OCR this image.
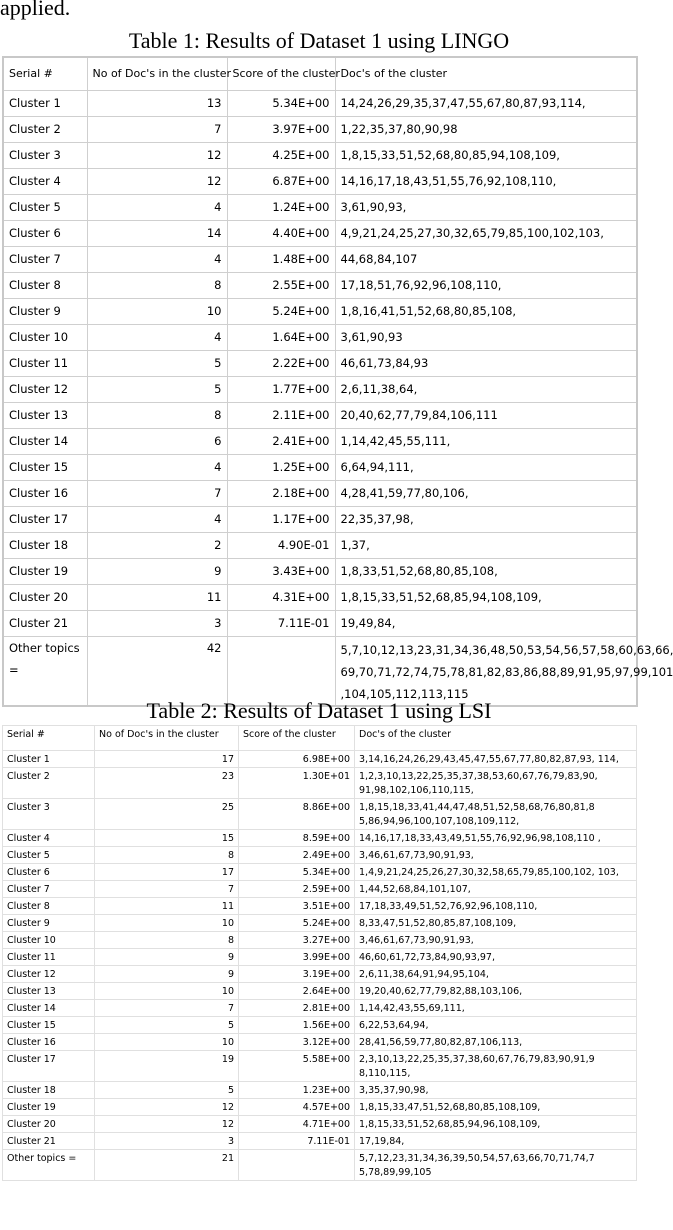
applied.
Table 1: Results of Dataset 1 using LINGO
Serial #	No of Doc's in the cluster	Score of the cluster	Doc's of the cluster
Cluster 1	13	5.34E+00	14,24,26,29,35,37,47,55,67,80,87,93,114,
Cluster 2	7	3.97E+00	1,22,35,37,80,90,98
Cluster 3	12	4.25E+00	1,8,15,33,51,52,68,80,85,94,108,109,
Cluster 4	12	6.87E+00	14,16,17,18,43,51,55,76,92,108,110,
Cluster 5	4	1.24E+00	3,61,90,93,
Cluster 6	14	4.40E+00	4,9,21,24,25,27,30,32,65,79,85,100,102,103,
Cluster 7	4	1.48E+00	44,68,84,107
Cluster 8	8	2.55E+00	17,18,51,76,92,96,108,110,
Cluster 9	10	5.24E+00	1,8,16,41,51,52,68,80,85,108,
Cluster 10	4	1.64E+00	3,61,90,93
Cluster 11	5	2.22E+00	46,61,73,84,93
Cluster 12	5	1.77E+00	2,6,11,38,64,
Cluster 13	8	2.11E+00	20,40,62,77,79,84,106,111
Cluster 14	6	2.41E+00	1,14,42,45,55,111,
Cluster 15	4	1.25E+00	6,64,94,111,
Cluster 16	7	2.18E+00	4,28,41,59,77,80,106,
Cluster 17	4	1.17E+00	22,35,37,98,
Cluster 18	2	4.90E-01	1,37,
Cluster 19	9	3.43E+00	1,8,33,51,52,68,80,85,108,
Cluster 20	11	4.31E+00	1,8,15,33,51,52,68,85,94,108,109,
Cluster 21	3	7.11E-01	19,49,84,
Other topics =	42		5,7,10,12,13,23,31,34,36,48,50,53,54,56,57,58,60,63,66, 69,70,71,72,74,75,78,81,82,83,86,88,89,91,95,97,99,101 ,104,105,112,113,115
Table 2: Results of Dataset 1 using LSI
Serial #	No of Doc's in the cluster	Score of the cluster	Doc's of the cluster
Cluster 1	17	6.98E+00	3,14,16,24,26,29,43,45,47,55,67,77,80,82,87,93, 114,
Cluster 2	23	1.30E+01	1,2,3,10,13,22,25,35,37,38,53,60,67,76,79,83,90, 91,98,102,106,110,115,
Cluster 3	25	8.86E+00	1,8,15,18,33,41,44,47,48,51,52,58,68,76,80,81,8 5,86,94,96,100,107,108,109,112,
Cluster 4	15	8.59E+00	14,16,17,18,33,43,49,51,55,76,92,96,98,108,110 ,
Cluster 5	8	2.49E+00	3,46,61,67,73,90,91,93,
Cluster 6	17	5.34E+00	1,4,9,21,24,25,26,27,30,32,58,65,79,85,100,102, 103,
Cluster 7	7	2.59E+00	1,44,52,68,84,101,107,
Cluster 8	11	3.51E+00	17,18,33,49,51,52,76,92,96,108,110,
Cluster 9	10	5.24E+00	8,33,47,51,52,80,85,87,108,109,
Cluster 10	8	3.27E+00	3,46,61,67,73,90,91,93,
Cluster 11	9	3.99E+00	46,60,61,72,73,84,90,93,97,
Cluster 12	9	3.19E+00	2,6,11,38,64,91,94,95,104,
Cluster 13	10	2.64E+00	19,20,40,62,77,79,82,88,103,106,
Cluster 14	7	2.81E+00	1,14,42,43,55,69,111,
Cluster 15	5	1.56E+00	6,22,53,64,94,
Cluster 16	10	3.12E+00	28,41,56,59,77,80,82,87,106,113,
Cluster 17	19	5.58E+00	2,3,10,13,22,25,35,37,38,60,67,76,79,83,90,91,9 8,110,115,
Cluster 18	5	1.23E+00	3,35,37,90,98,
Cluster 19	12	4.57E+00	1,8,15,33,47,51,52,68,80,85,108,109,
Cluster 20	12	4.71E+00	1,8,15,33,51,52,68,85,94,96,108,109,
Cluster 21	3	7.11E-01	17,19,84,
Other topics =	21		5,7,12,23,31,34,36,39,50,54,57,63,66,70,71,74,7 5,78,89,99,105
